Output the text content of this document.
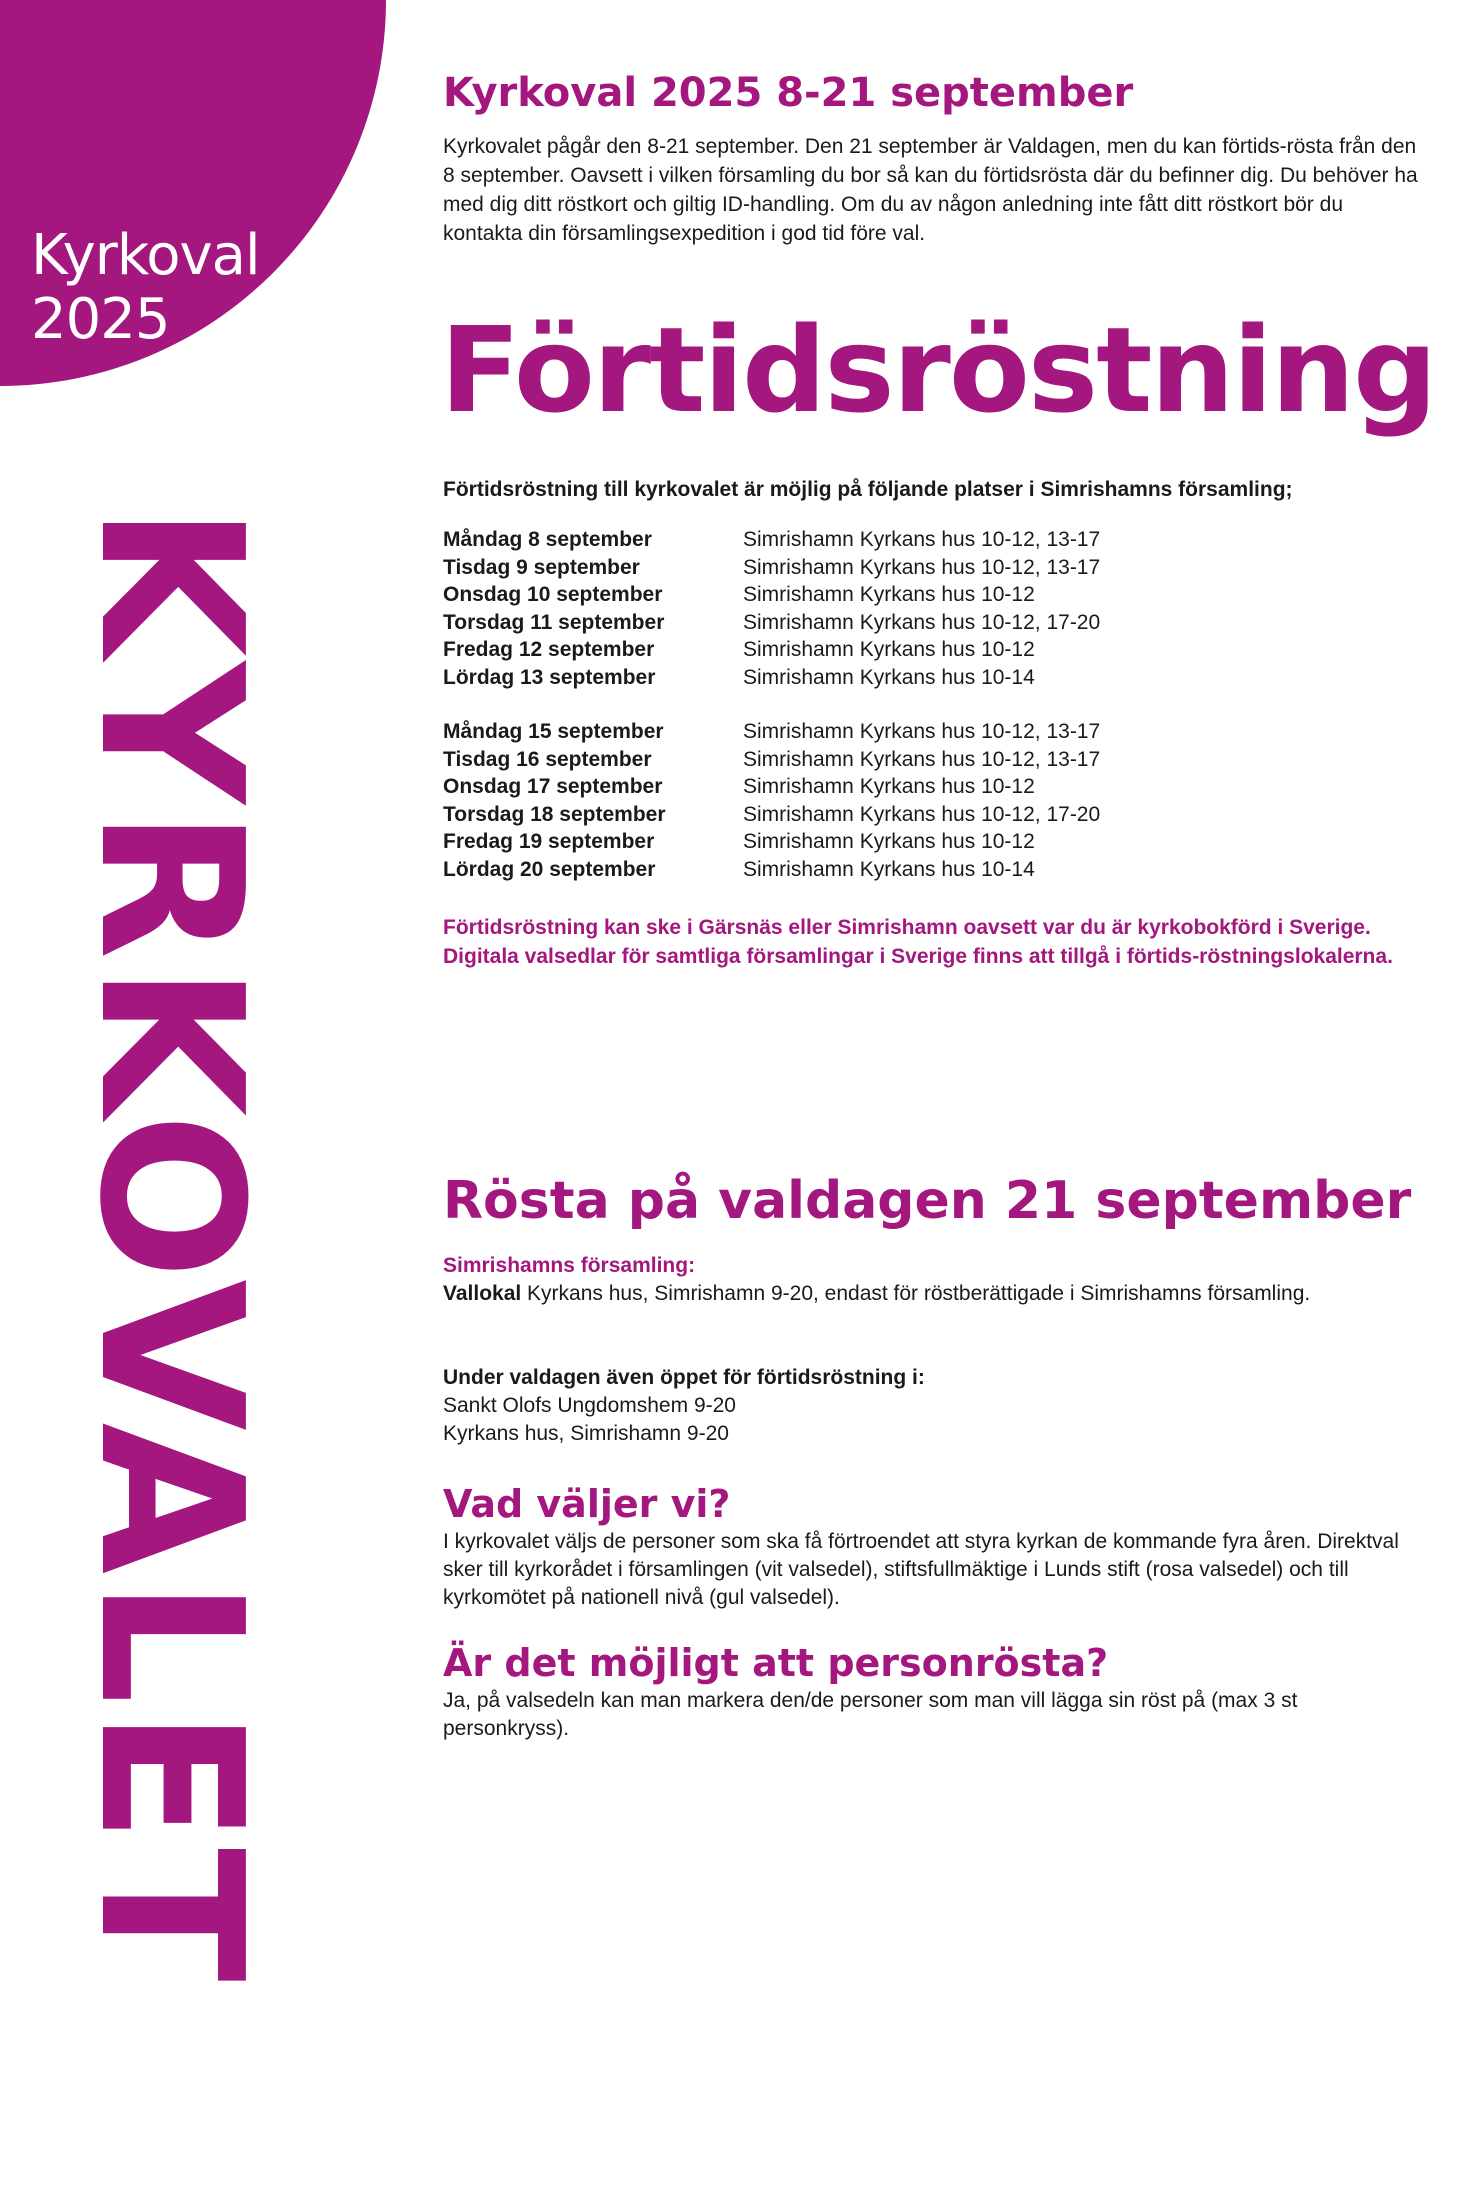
Kyrkoval
2025
KYRKOVALET
Kyrkoval 2025 8-21 september

Kyrkovalet pågår den 8-21 september. Den 21 september är Valdagen, men du kan förtids-rösta från den 8 september. Oavsett i vilken församling du bor så kan du förtidsrösta där du befinner dig. Du behöver ha med dig ditt röstkort och giltig ID-handling. Om du av någon anledning inte fått ditt röstkort bör du kontakta din församlingsexpedition i god tid före val.

Förtidsröstning

Förtidsröstning till kyrkovalet är möjlig på följande platser i Simrishamns församling;

Måndag 8 september	Simrishamn Kyrkans hus 10-12, 13-17
Tisdag 9 september	Simrishamn Kyrkans hus 10-12, 13-17
Onsdag 10 september	Simrishamn Kyrkans hus 10-12
Torsdag 11 september	Simrishamn Kyrkans hus 10-12, 17-20
Fredag 12 september	Simrishamn Kyrkans hus 10-12
Lördag 13 september	Simrishamn Kyrkans hus 10-14
Måndag 15 september	Simrishamn Kyrkans hus 10-12, 13-17
Tisdag 16 september	Simrishamn Kyrkans hus 10-12, 13-17
Onsdag 17 september	Simrishamn Kyrkans hus 10-12
Torsdag 18 september	Simrishamn Kyrkans hus 10-12, 17-20
Fredag 19 september	Simrishamn Kyrkans hus 10-12
Lördag 20 september	Simrishamn Kyrkans hus 10-14

Förtidsröstning kan ske i Gärsnäs eller Simrishamn oavsett var du är kyrkobokförd i Sverige. Digitala valsedlar för samtliga församlingar i Sverige finns att tillgå i förtids-röstningslokalerna.

Rösta på valdagen 21 september
Simrishamns församling:
Vallokal Kyrkans hus, Simrishamn 9-20, endast för röstberättigade i Simrishamns församling.
Under valdagen även öppet för förtidsröstning i:
Sankt Olofs Ungdomshem 9-20
Kyrkans hus, Simrishamn 9-20
Vad väljer vi?

I kyrkovalet väljs de personer som ska få förtroendet att styra kyrkan de kommande fyra åren. Direktval sker till kyrkorådet i församlingen (vit valsedel), stiftsfullmäktige i Lunds stift (rosa valsedel) och till kyrkomötet på nationell nivå (gul valsedel).

Är det möjligt att personrösta?

Ja, på valsedeln kan man markera den/de personer som man vill lägga sin röst på (max 3 st personkryss).
